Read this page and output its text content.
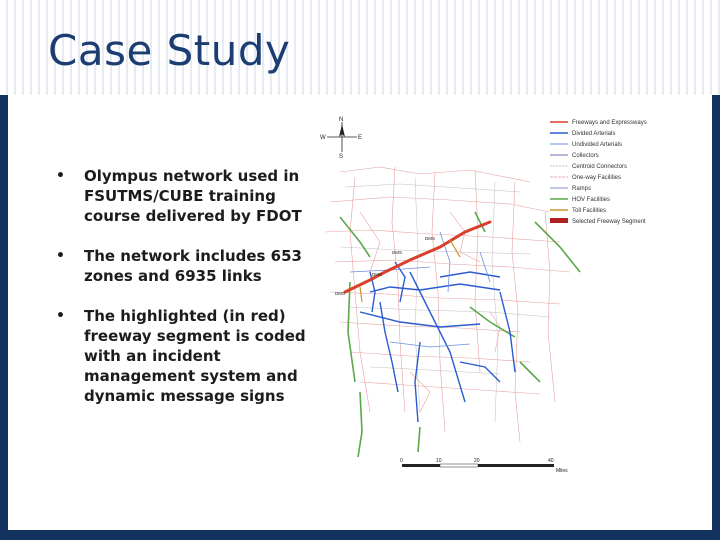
Case Study
• Olympus network used in FSUTMS/CUBE training course delivered by FDOT
• The network includes 653 zones and 6935 links
• The highlighted (in red) freeway segment is coded with an incident management system and dynamic message signs
N
S
E
W
DMS
DMS
DMS
DMS
Freeways and Expressways
Divided Arterials
Undivided Arterials
Collectors
Centroid Connectors
One-way Facilities
Ramps
HOV Facilities
Toll Facilities
Selected Freeway Segment
0	10	20	40
Miles
